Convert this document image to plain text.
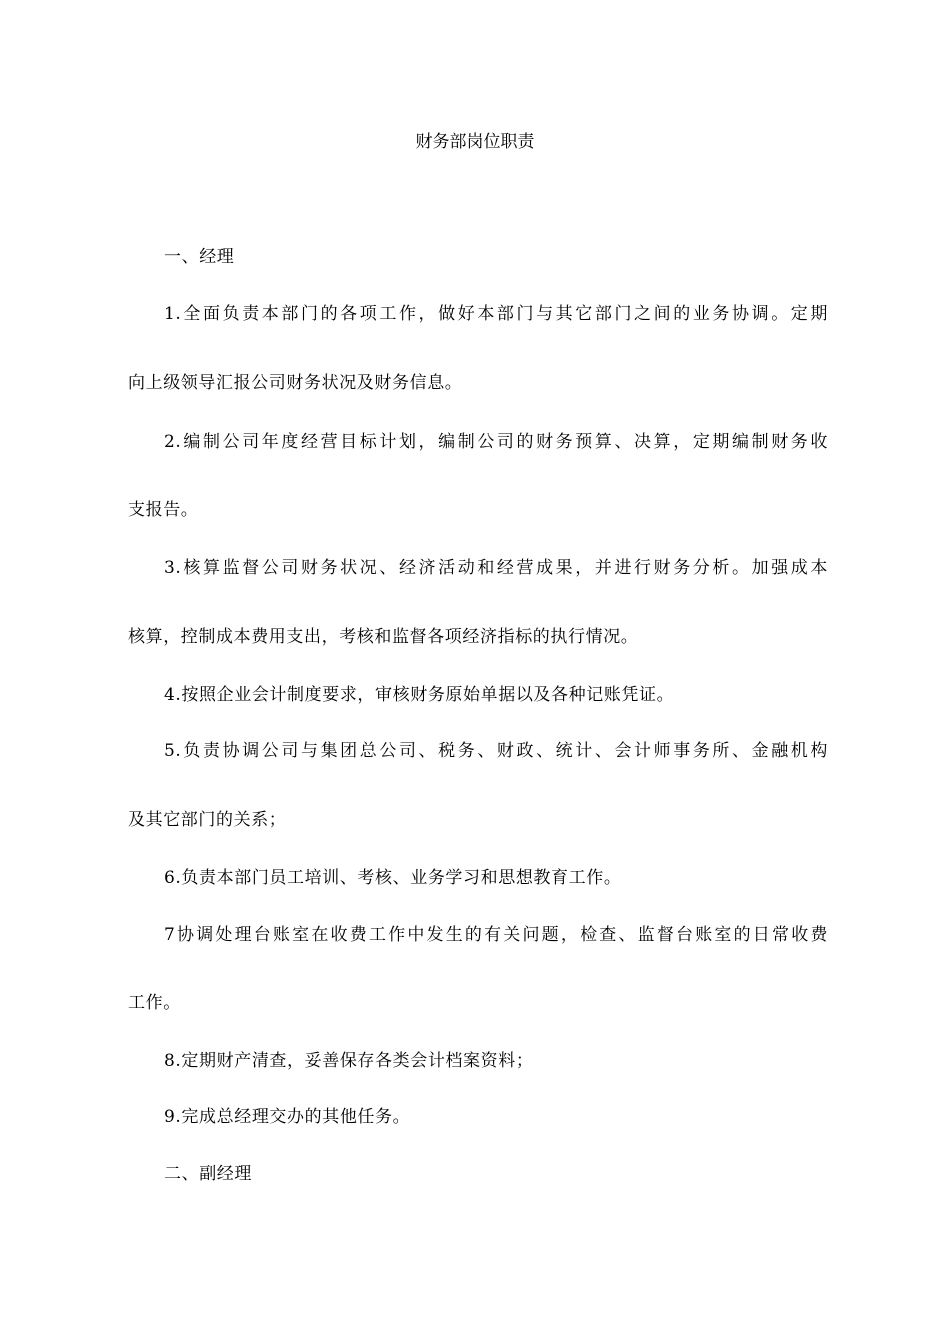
财务部岗位职责
一、经理
1.全面负责本部门的各项工作，做好本部门与其它部门之间的业务协调。定期
向上级领导汇报公司财务状况及财务信息。
2.编制公司年度经营目标计划，编制公司的财务预算、决算，定期编制财务收
支报告。
3.核算监督公司财务状况、经济活动和经营成果，并进行财务分析。加强成本
核算，控制成本费用支出，考核和监督各项经济指标的执行情况。
4.按照企业会计制度要求，审核财务原始单据以及各种记账凭证。
5.负责协调公司与集团总公司、税务、财政、统计、会计师事务所、金融机构
及其它部门的关系；
6.负责本部门员工培训、考核、业务学习和思想教育工作。
7协调处理台账室在收费工作中发生的有关问题，检查、监督台账室的日常收费
工作。
8.定期财产清查，妥善保存各类会计档案资料；
9.完成总经理交办的其他任务。
二、副经理
